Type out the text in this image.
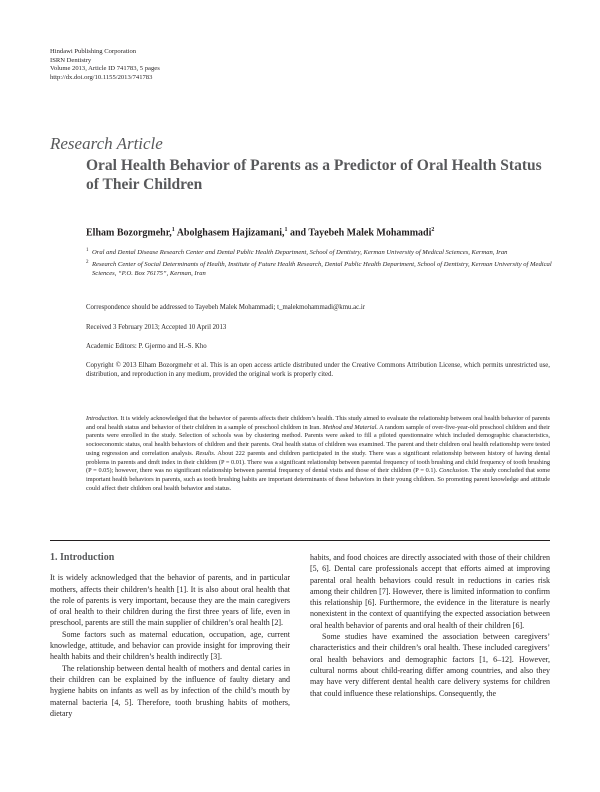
Hindawi Publishing Corporation
ISRN Dentistry
Volume 2013, Article ID 741783, 5 pages
http://dx.doi.org/10.1155/2013/741783
Research Article
Oral Health Behavior of Parents as a Predictor of Oral Health Status of Their Children
Elham Bozorgmehr,$^1$ Abolghasem Hajizamani,$^1$ and Tayebeh Malek Mohammadi$^2$
1 Oral and Dental Disease Research Center and Dental Public Health Department, School of Dentistry, Kerman University of Medical Sciences, Kerman, Iran
2 Research Center of Social Determinants of Health, Institute of Future Health Research, Dental Public Health Department, School of Dentistry, Kerman University of Medical Sciences, “P.O. Box 76175”, Kerman, Iran
Correspondence should be addressed to Tayebeh Malek Mohammadi; t_malekmohammadi@kmu.ac.ir
Received 3 February 2013; Accepted 10 April 2013
Academic Editors: P. Gjermo and H.-S. Kho
Copyright © 2013 Elham Bozorgmehr et al. This is an open access article distributed under the Creative Commons Attribution License, which permits unrestricted use, distribution, and reproduction in any medium, provided the original work is properly cited.
Introduction. It is widely acknowledged that the behavior of parents affects their children’s health. This study aimed to evaluate the relationship between oral health behavior of parents and oral health status and behavior of their children in a sample of preschool children in Iran. Method and Material. A random sample of over-five-year-old preschool children and their parents were enrolled in the study. Selection of schools was by clustering method. Parents were asked to fill a piloted questionnaire which included demographic characteristics, socioeconomic status, oral health behaviors of children and their parents. Oral health status of children was examined. The parent and their children oral health relationship were tested using regression and correlation analysis. Results. About 222 parents and children participated in the study. There was a significant relationship between history of having dental problems in parents and dmft index in their children (P = 0.01). There was a significant relationship between parental frequency of tooth brushing and child frequency of tooth brushing (P = 0.05); however, there was no significant relationship between parental frequency of dental visits and those of their children (P = 0.1). Conclusion. The study concluded that some important health behaviors in parents, such as tooth brushing habits are important determinants of these behaviors in their young children. So promoting parent knowledge and attitude could affect their children oral health behavior and status.
1. Introduction

It is widely acknowledged that the behavior of parents, and in particular mothers, affects their children’s health [1]. It is also about oral health that the role of parents is very important, because they are the main caregivers of oral health to their children during the first three years of life, even in preschool, parents are still the main supplier of children’s oral health [2].

Some factors such as maternal education, occupation, age, current knowledge, attitude, and behavior can provide insight for improving their health habits and their children’s health indirectly [3].

The relationship between dental health of mothers and dental caries in their children can be explained by the influence of faulty dietary and hygiene habits on infants as well as by infection of the child’s mouth by maternal bacteria [4, 5]. Therefore, tooth brushing habits of mothers, dietary

habits, and food choices are directly associated with those of their children [5, 6]. Dental care professionals accept that efforts aimed at improving parental oral health behaviors could result in reductions in caries risk among their children [7]. However, there is limited information to confirm this relationship [6]. Furthermore, the evidence in the literature is nearly nonexistent in the context of quantifying the expected association between oral health behavior of parents and oral health of their children [6].

Some studies have examined the association between caregivers’ characteristics and their children’s oral health. These included caregivers’ oral health behaviors and demographic factors [1, 6–12]. However, cultural norms about child-rearing differ among countries, and also they may have very different dental health care delivery systems for children that could influence these relationships. Consequently, the
